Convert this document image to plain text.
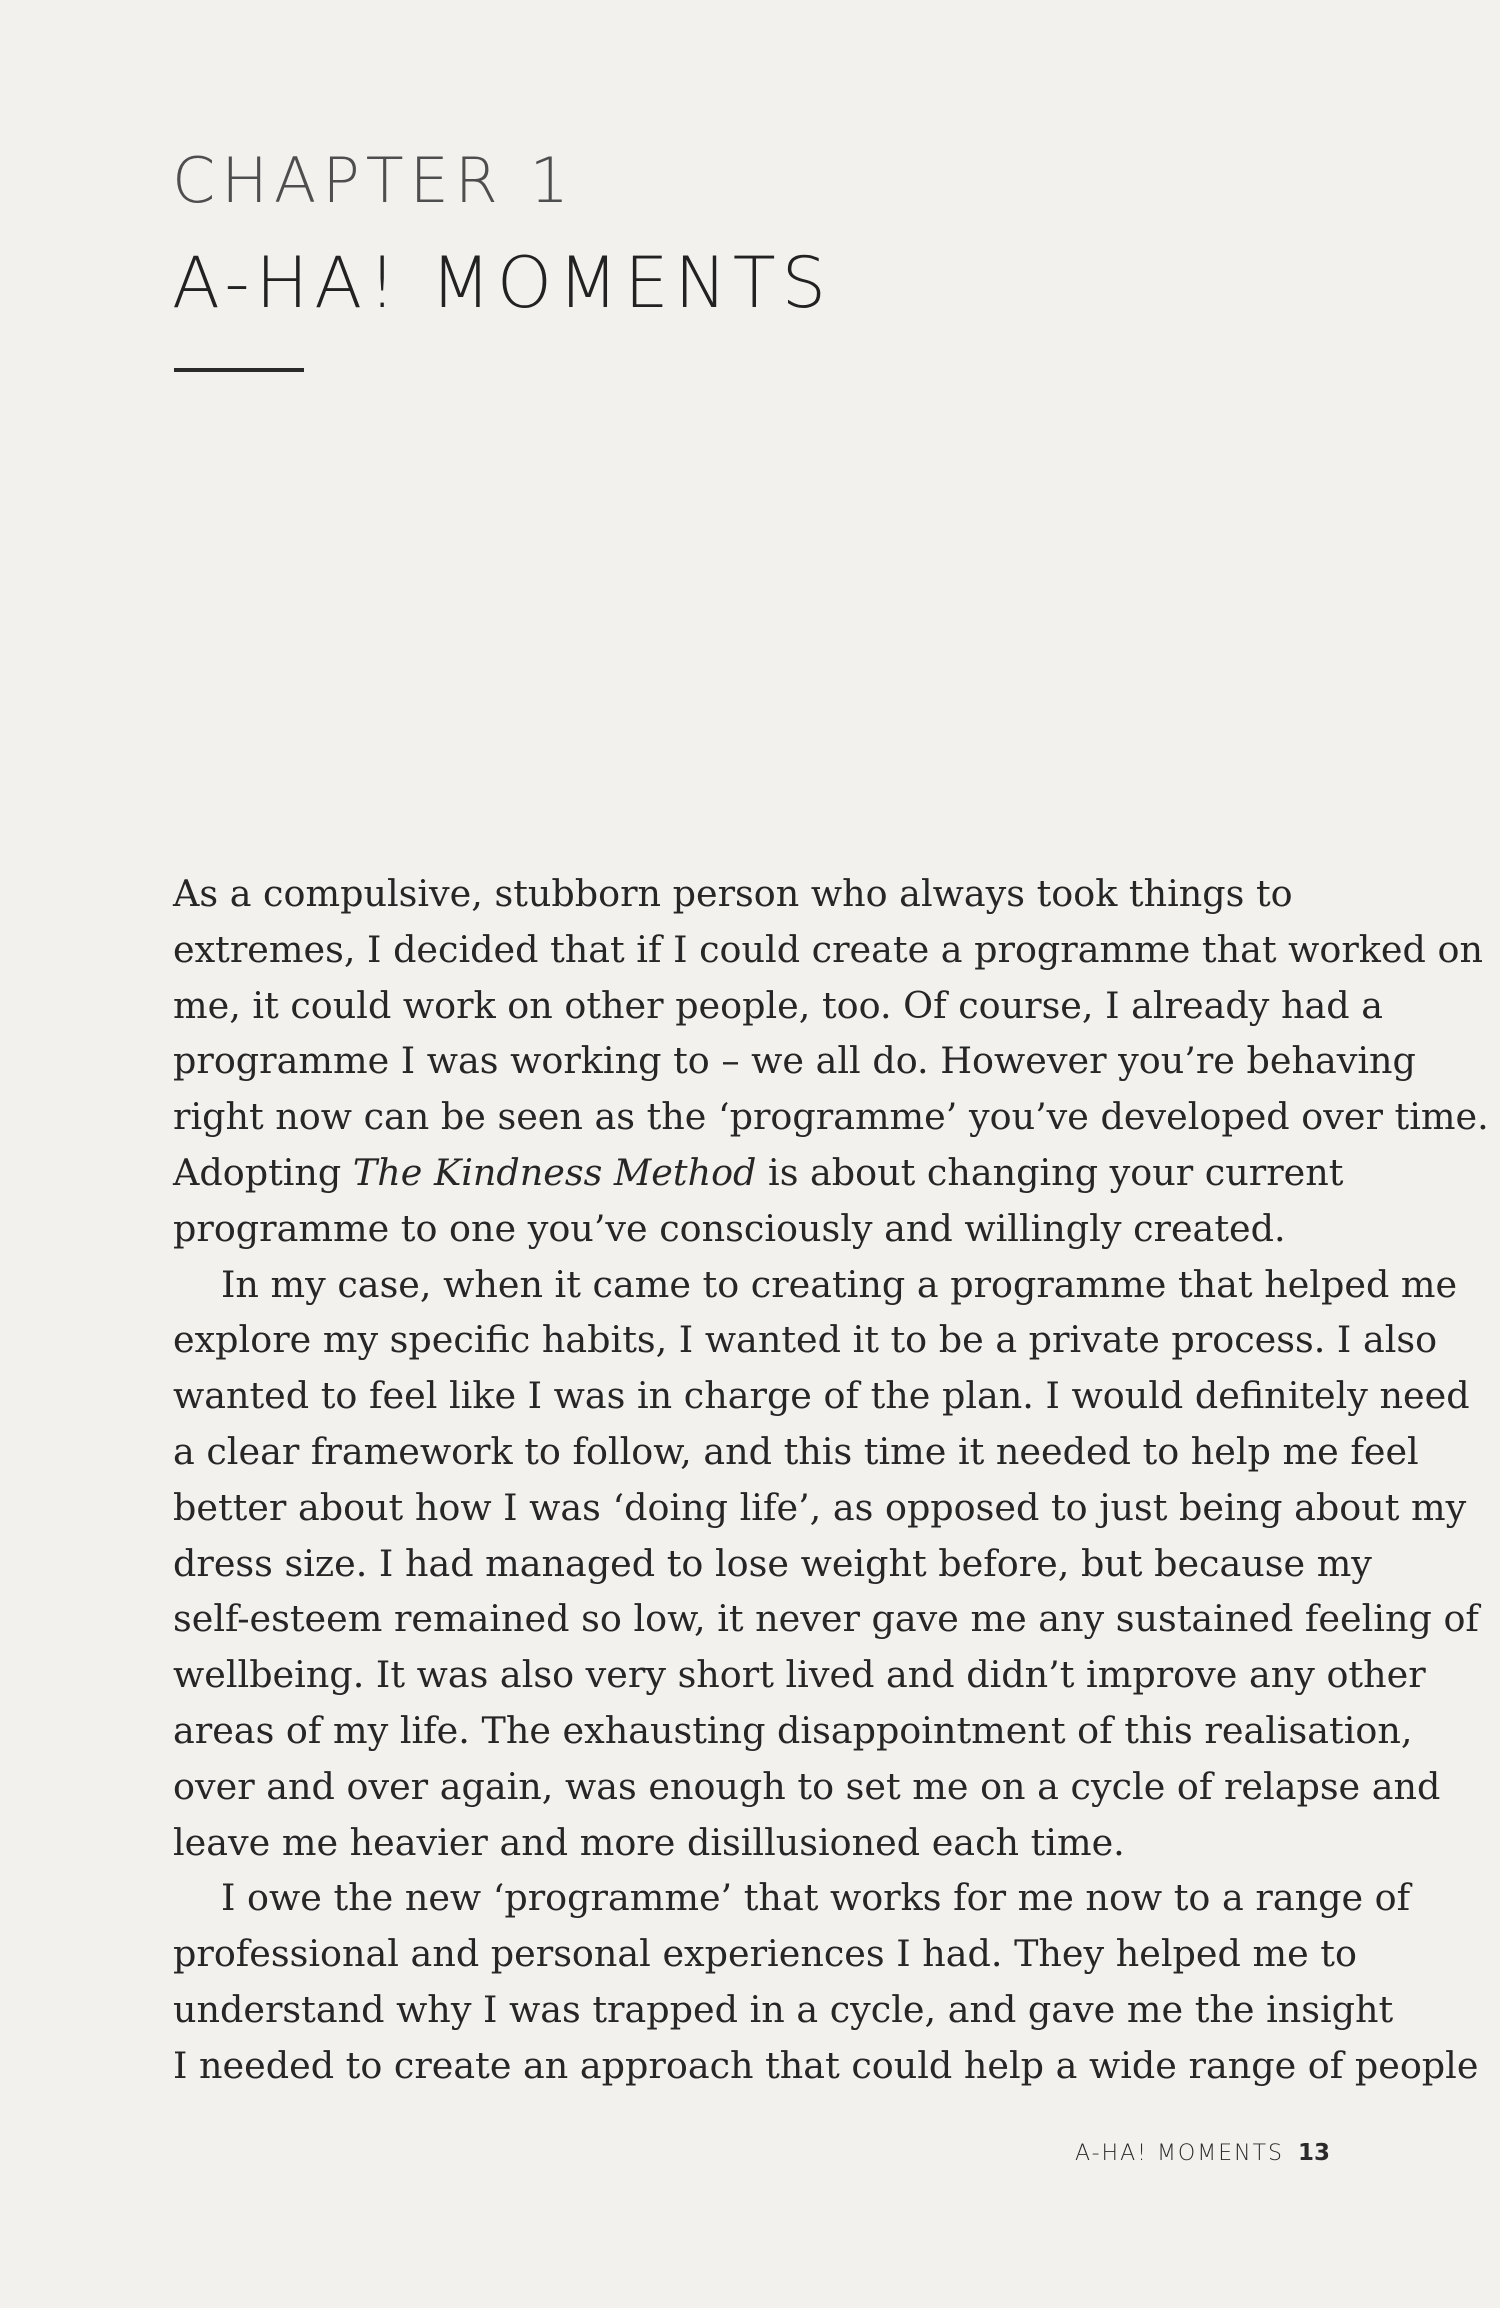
CHAPTER 1
A-HA! MOMENTS
As a compulsive, stubborn person who always took things to
extremes, I decided that if I could create a programme that worked on
me, it could work on other people, too. Of course, I already had a
programme I was working to – we all do. However you’re behaving
right now can be seen as the ‘programme’ you’ve developed over time.
Adopting The Kindness Method is about changing your current
programme to one you’ve consciously and willingly created.
In my case, when it came to creating a programme that helped me
explore my specific habits, I wanted it to be a private process. I also
wanted to feel like I was in charge of the plan. I would definitely need
a clear framework to follow, and this time it needed to help me feel
better about how I was ‘doing life’, as opposed to just being about my
dress size. I had managed to lose weight before, but because my
self-esteem remained so low, it never gave me any sustained feeling of
wellbeing. It was also very short lived and didn’t improve any other
areas of my life. The exhausting disappointment of this realisation,
over and over again, was enough to set me on a cycle of relapse and
leave me heavier and more disillusioned each time.
I owe the new ‘programme’ that works for me now to a range of
professional and personal experiences I had. They helped me to
understand why I was trapped in a cycle, and gave me the insight
I needed to create an approach that could help a wide range of people
A-HA! MOMENTS 13
